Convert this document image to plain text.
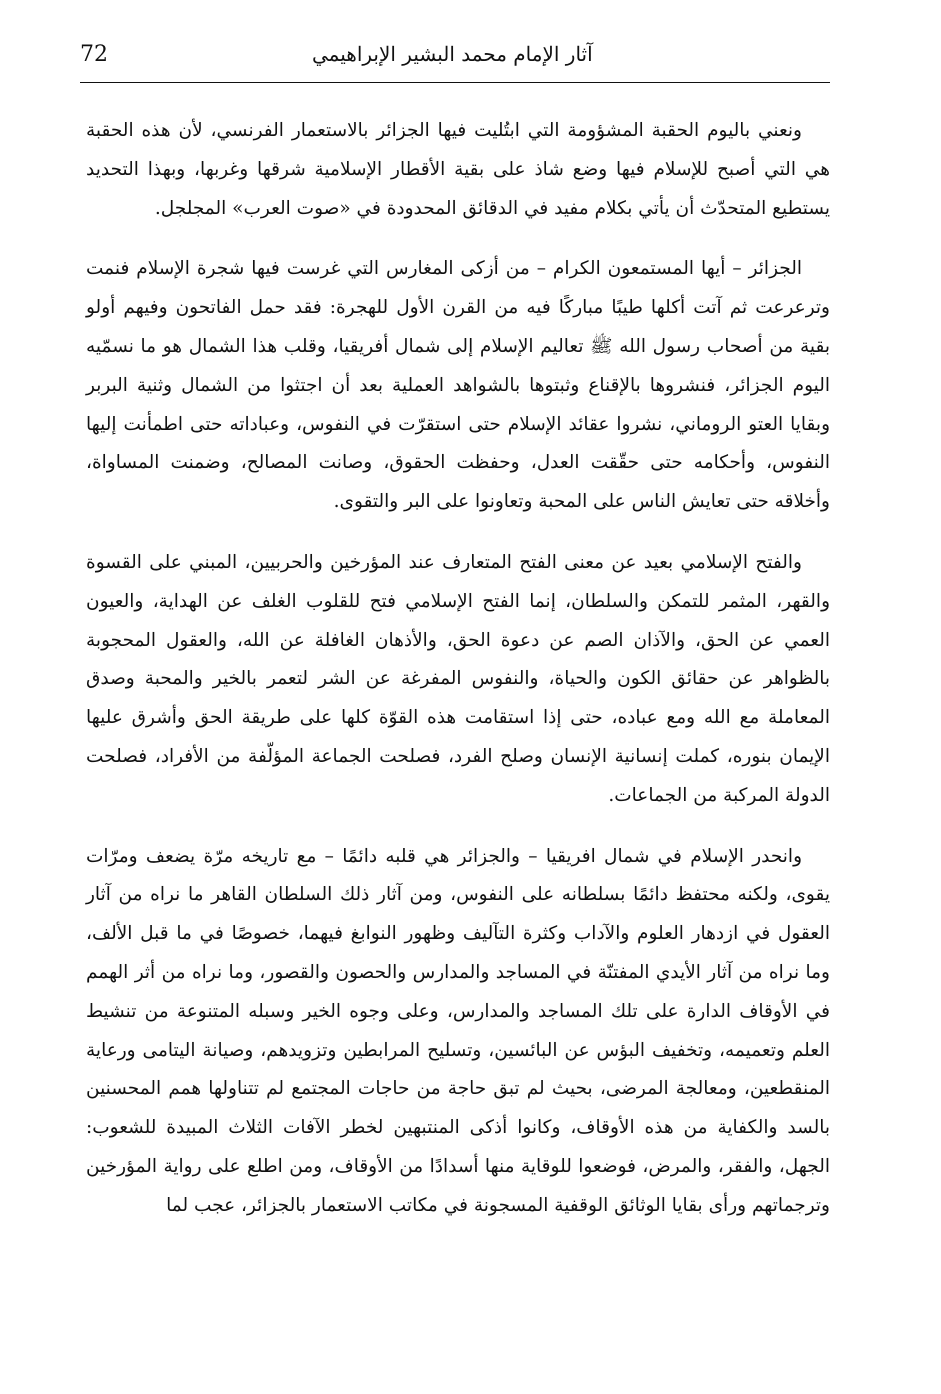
72	آثار الإمام محمد البشير الإبراهيمي

ونعني باليوم الحقبة المشؤومة التي ابتُليت فيها الجزائر بالاستعمار الفرنسي، لأن هذه الحقبة هي التي أصبح للإسلام فيها وضع شاذ على بقية الأقطار الإسلامية شرقها وغربها، وبهذا التحديد يستطيع المتحدّث أن يأتي بكلام مفيد في الدقائق المحدودة في «صوت العرب» المجلجل.

الجزائر – أيها المستمعون الكرام – من أزكى المغارس التي غرست فيها شجرة الإسلام فنمت وترعرعت ثم آتت أكلها طيبًا مباركًا فيه من القرن الأول للهجرة: فقد حمل الفاتحون وفيهم أولو بقية من أصحاب رسول الله ﷺ تعاليم الإسلام إلى شمال أفريقيا، وقلب هذا الشمال هو ما نسمّيه اليوم الجزائر، فنشروها بالإقناع وثبتوها بالشواهد العملية بعد أن اجتثوا من الشمال وثنية البربر وبقايا العتو الروماني، نشروا عقائد الإسلام حتى استقرّت في النفوس، وعباداته حتى اطمأنت إليها النفوس، وأحكامه حتى حقّقت العدل، وحفظت الحقوق، وصانت المصالح، وضمنت المساواة، وأخلاقه حتى تعايش الناس على المحبة وتعاونوا على البر والتقوى.

والفتح الإسلامي بعيد عن معنى الفتح المتعارف عند المؤرخين والحربيين، المبني على القسوة والقهر، المثمر للتمكن والسلطان، إنما الفتح الإسلامي فتح للقلوب الغلف عن الهداية، والعيون العمي عن الحق، والآذان الصم عن دعوة الحق، والأذهان الغافلة عن الله، والعقول المحجوبة بالظواهر عن حقائق الكون والحياة، والنفوس المفرغة عن الشر لتعمر بالخير والمحبة وصدق المعاملة مع الله ومع عباده، حتى إذا استقامت هذه القوّة كلها على طريقة الحق وأشرق عليها الإيمان بنوره، كملت إنسانية الإنسان وصلح الفرد، فصلحت الجماعة المؤلّفة من الأفراد، فصلحت الدولة المركبة من الجماعات.

وانحدر الإسلام في شمال افريقيا – والجزائر هي قلبه دائمًا – مع تاريخه مرّة يضعف ومرّات يقوى، ولكنه محتفظ دائمًا بسلطانه على النفوس، ومن آثار ذلك السلطان القاهر ما نراه من آثار العقول في ازدهار العلوم والآداب وكثرة التآليف وظهور النوابغ فيهما، خصوصًا في ما قبل الألف، وما نراه من آثار الأيدي المفتنّة في المساجد والمدارس والحصون والقصور، وما نراه من أثر الهمم في الأوقاف الدارة على تلك المساجد والمدارس، وعلى وجوه الخير وسبله المتنوعة من تنشيط العلم وتعميمه، وتخفيف البؤس عن البائسين، وتسليح المرابطين وتزويدهم، وصيانة اليتامى ورعاية المنقطعين، ومعالجة المرضى، بحيث لم تبق حاجة من حاجات المجتمع لم تتناولها همم المحسنين بالسد والكفاية من هذه الأوقاف، وكانوا أذكى المنتبهين لخطر الآفات الثلاث المبيدة للشعوب: الجهل، والفقر، والمرض، فوضعوا للوقاية منها أسدادًا من الأوقاف، ومن اطلع على رواية المؤرخين وترجماتهم ورأى بقايا الوثائق الوقفية المسجونة في مكاتب الاستعمار بالجزائر، عجب لما
